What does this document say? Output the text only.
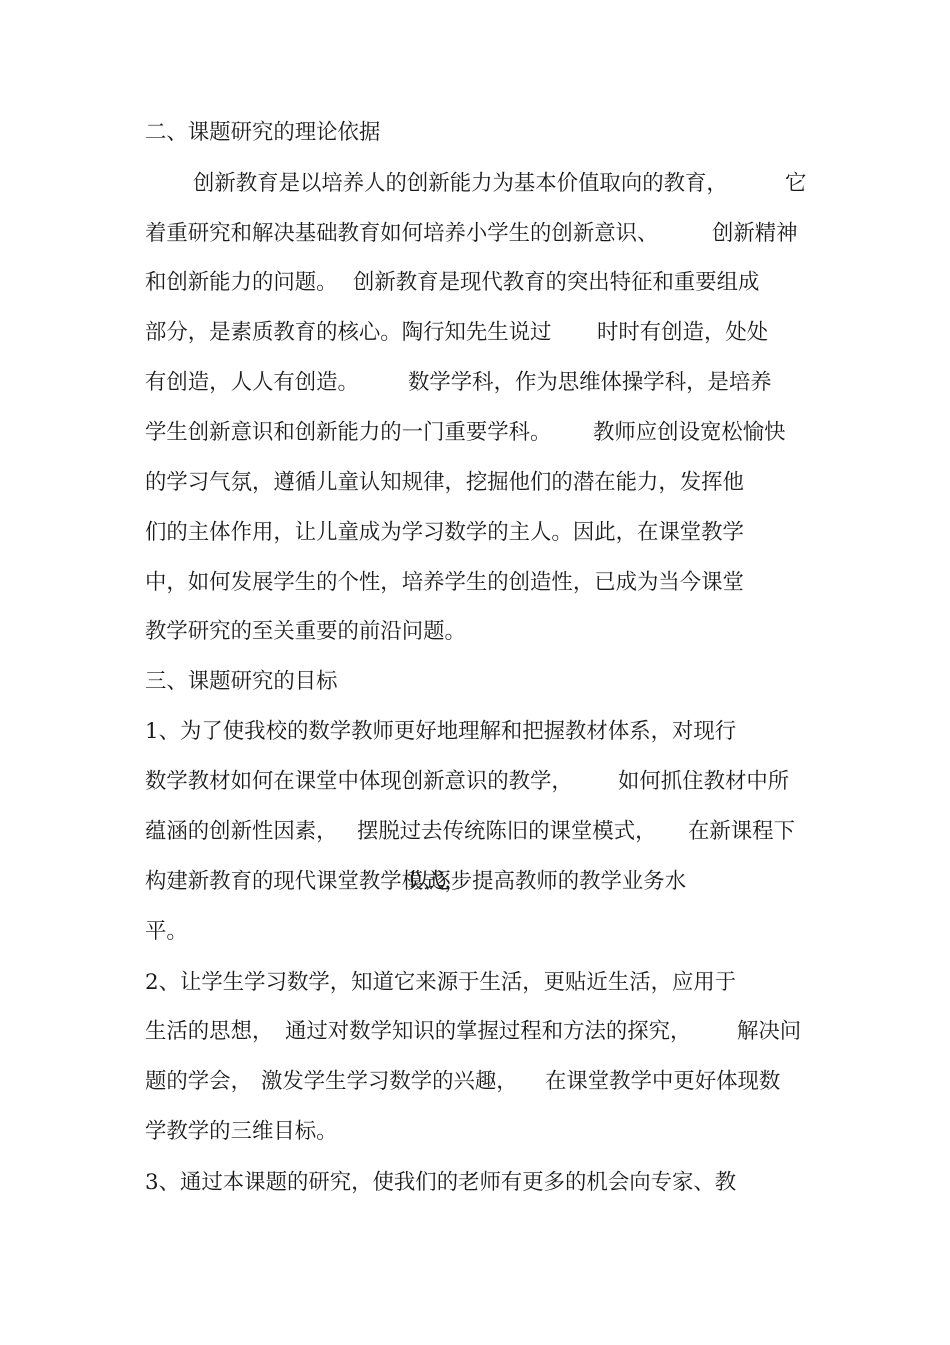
二、课题研究的理论依据
创新教育是以培养人的创新能力为基本价值取向的教育，	它
着重研究和解决基础教育如何培养小学生的创新意识、	创新精神
和创新能力的问题。 创新教育是现代教育的突出特征和重要组成
部分，是素质教育的核心。陶行知先生说过 时时有创造，处处
有创造，人人有创造。 数学学科，作为思维体操学科，是培养
学生创新意识和创新能力的一门重要学科。 教师应创设宽松愉快
的学习气氛，遵循儿童认知规律，挖掘他们的潜在能力，发挥他
们的主体作用，让儿童成为学习数学的主人。因此，在课堂教学
中，如何发展学生的个性，培养学生的创造性，已成为当今课堂
教学研究的至关重要的前沿问题。
三、课题研究的目标
1、为了使我校的数学教师更好地理解和把握教材体系，对现行
数学教材如何在课堂中体现创新意识的教学， 如何抓住教材中所
蕴涵的创新性因素， 摆脱过去传统陈旧的课堂模式， 在新课程下
构建新教育的现代课堂教学模式，
以逐步提高教师的教学业务水
平。
2、让学生学习数学，知道它来源于生活，更贴近生活，应用于
生活的思想， 通过对数学知识的掌握过程和方法的探究， 解决问
题的学会， 激发学生学习数学的兴趣， 在课堂教学中更好体现数
学教学的三维目标。
3、通过本课题的研究，使我们的老师有更多的机会向专家、教
